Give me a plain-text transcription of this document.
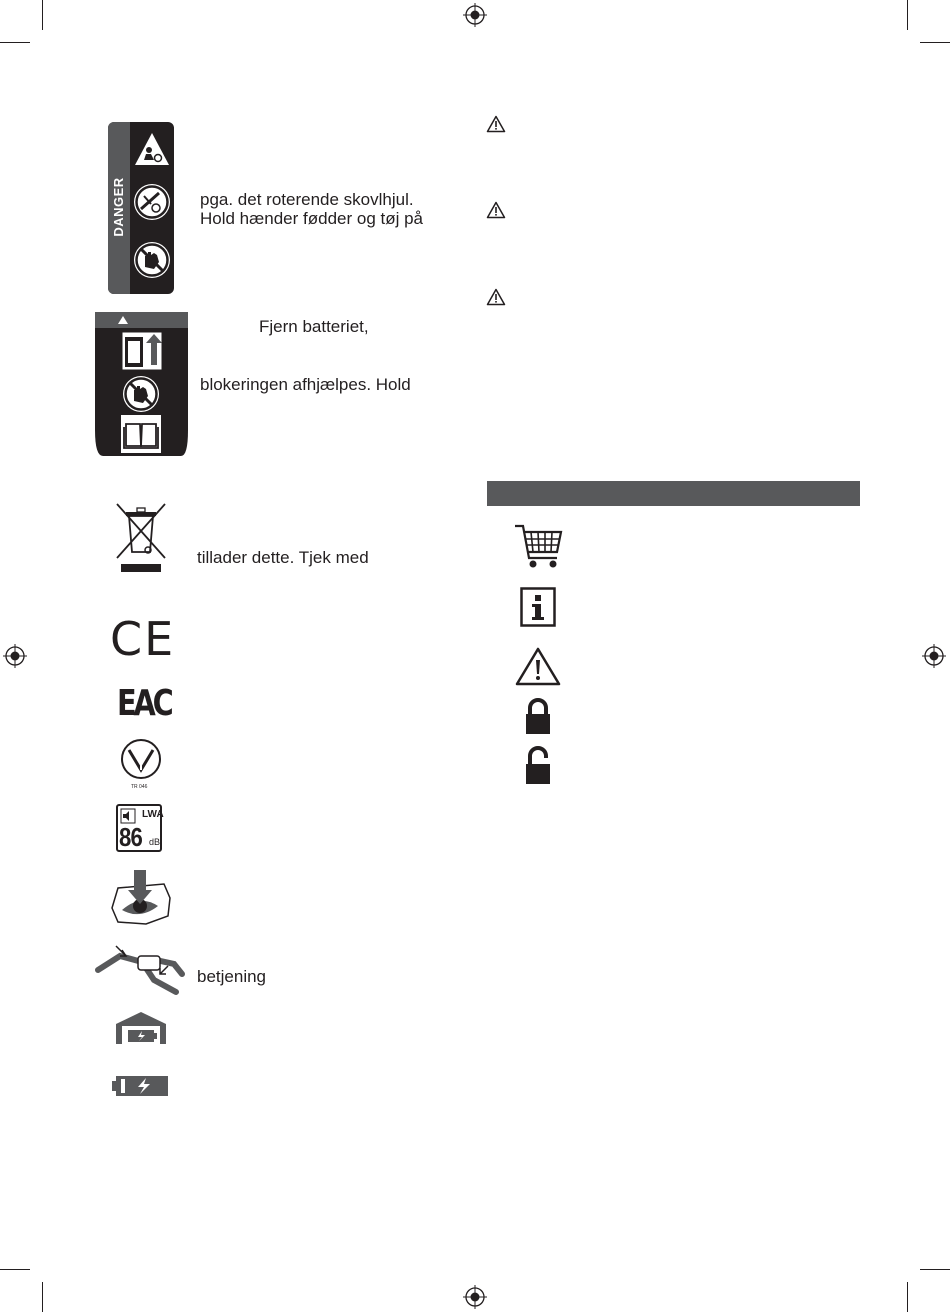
DANGER	pga. det roterende skovlhjul.
Hold hænder fødder og tøj på
Fjern batteriet,
blokeringen afhjælpes. Hold
tillader dette. Tjek med
CE
EAC
TR 046
LWA
86 dB
betjening
